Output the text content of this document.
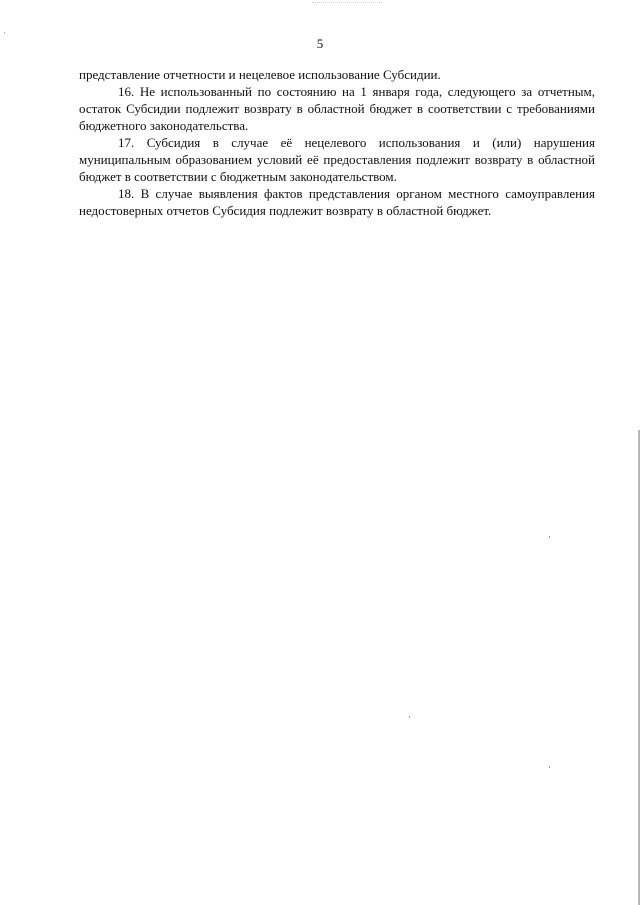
5

представление отчетности и нецелевое использование Субсидии.

16. Не использованный по состоянию на 1 января года, следующего за отчетным, остаток Субсидии подлежит возврату в областной бюджет в соответствии с требованиями бюджетного законодательства.

17. Субсидия в случае её нецелевого использования и (или) нарушения муниципальным образованием условий её предоставления подлежит возврату в областной бюджет в соответствии с бюджетным законодательством.

18. В случае выявления фактов представления органом местного самоуправления недостоверных отчетов Субсидия подлежит возврату в областной бюджет.
